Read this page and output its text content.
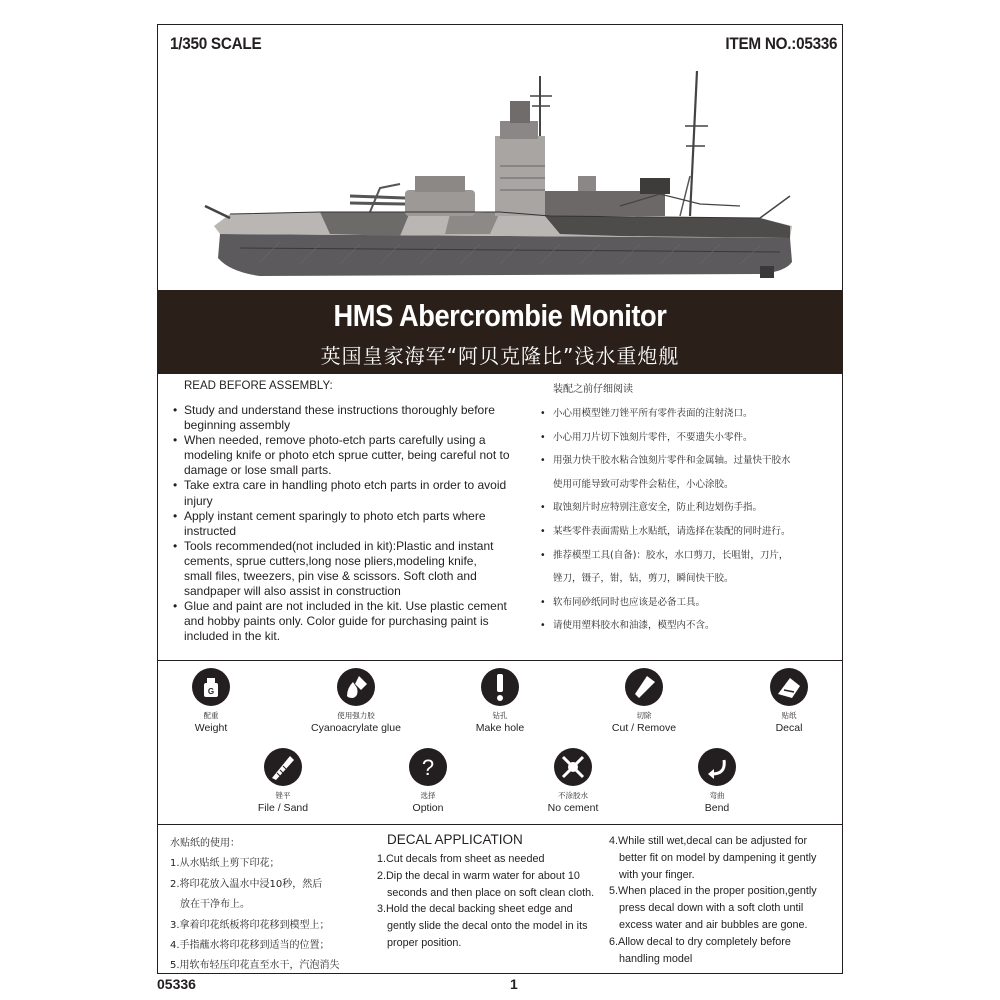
1/350 SCALE	ITEM NO.:05336
HMS Abercrombie Monitor
英国皇家海军“阿贝克隆比”浅水重炮舰
READ BEFORE ASSEMBLY:
• Study and understand these instructions thoroughly before
beginning assembly
• When needed, remove photo-etch parts carefully using a
modeling knife or photo etch sprue cutter, being careful not to
damage or lose small parts.
• Take extra care in handling photo etch parts in order to avoid
injury
• Apply instant cement sparingly to photo etch parts where
instructed
• Tools recommended(not included in kit):Plastic and instant
cements, sprue cutters,long nose pliers,modeling knife,
small files, tweezers, pin vise & scissors. Soft cloth and
sandpaper will also assist in construction
• Glue and paint are not included in the kit. Use plastic cement
and hobby paints only. Color guide for purchasing paint is
included in the kit.
装配之前仔细阅读
• 小心用模型锉刀锉平所有零件表面的注射浇口。
• 小心用刀片切下蚀刻片零件，不要遗失小零件。
• 用强力快干胶水粘合蚀刻片零件和金属轴。过量快干胶水
使用可能导致可动零件会粘住，小心涂胶。
• 取蚀刻片时应特别注意安全，防止利边划伤手指。
• 某些零件表面需贴上水贴纸，请选择在装配的同时进行。
• 推荐模型工具(自备)：胶水，水口剪刀，长咀钳，刀片，
锉刀，镊子，钳，钻，剪刀，瞬间快干胶。
• 软布同砂纸同时也应该是必备工具。
• 请使用塑料胶水和油漆，模型内不含。
G
配重
Weight
使用强力胶
Cyanoacrylate glue
钻孔
Make hole
切除
Cut / Remove
贴纸
Decal
锉平
File / Sand
?
选择
Option
不涂胶水
No cement
弯曲
Bend
水贴纸的使用：
1.从水贴纸上剪下印花；
2.将印花放入温水中浸10秒，然后
放在干净布上。
3.拿着印花纸板将印花移到模型上；
4.手指蘸水将印花移到适当的位置；
5.用软布轻压印花直至水干，汽泡消失
DECAL APPLICATION
1.Cut decals from sheet as needed
2.Dip the decal in warm water for about 10
seconds and then place on soft clean cloth.
3.Hold the decal backing sheet edge and
gently slide the decal onto the model in its
proper position.
4.While still wet,decal can be adjusted for
better fit on model by dampening it gently
with your finger.
5.When placed in the proper position,gently
press decal down with a soft cloth until
excess water and air bubbles are gone.
6.Allow decal to dry completely before
handling model
05336	1
